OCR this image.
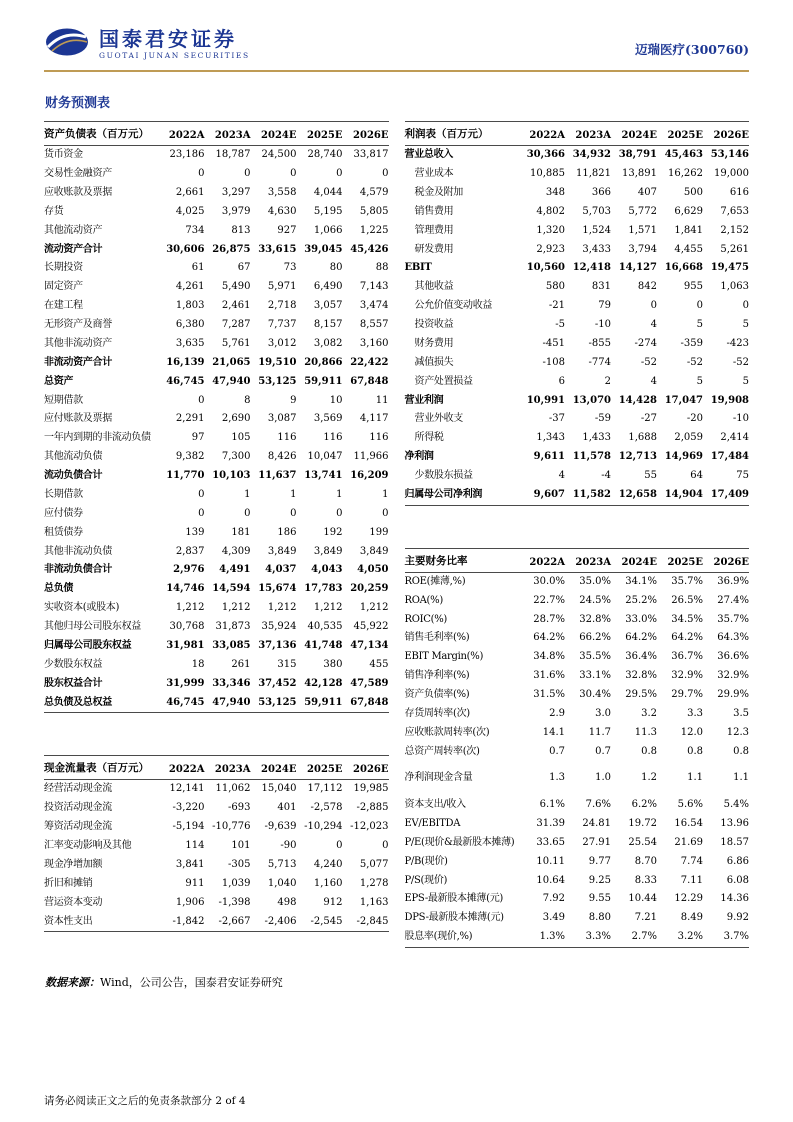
国泰君安证券
GUOTAI JUNAN SECURITIES	迈瑞医疗(300760)
财务预测表
资产负债表（百万元）	2022A	2023A	2024E	2025E	2026E
货币资金	23,186	18,787	24,500	28,740	33,817
交易性金融资产	0	0	0	0	0
应收账款及票据	2,661	3,297	3,558	4,044	4,579
存货	4,025	3,979	4,630	5,195	5,805
其他流动资产	734	813	927	1,066	1,225
流动资产合计	30,606	26,875	33,615	39,045	45,426
长期投资	61	67	73	80	88
固定资产	4,261	5,490	5,971	6,490	7,143
在建工程	1,803	2,461	2,718	3,057	3,474
无形资产及商誉	6,380	7,287	7,737	8,157	8,557
其他非流动资产	3,635	5,761	3,012	3,082	3,160
非流动资产合计	16,139	21,065	19,510	20,866	22,422
总资产	46,745	47,940	53,125	59,911	67,848
短期借款	0	8	9	10	11
应付账款及票据	2,291	2,690	3,087	3,569	4,117
一年内到期的非流动负债	97	105	116	116	116
其他流动负债	9,382	7,300	8,426	10,047	11,966
流动负债合计	11,770	10,103	11,637	13,741	16,209
长期借款	0	1	1	1	1
应付债券	0	0	0	0	0
租赁债券	139	181	186	192	199
其他非流动负债	2,837	4,309	3,849	3,849	3,849
非流动负债合计	2,976	4,491	4,037	4,043	4,050
总负债	14,746	14,594	15,674	17,783	20,259
实收资本(或股本)	1,212	1,212	1,212	1,212	1,212
其他归母公司股东权益	30,768	31,873	35,924	40,535	45,922
归属母公司股东权益	31,981	33,085	37,136	41,748	47,134
少数股东权益	18	261	315	380	455
股东权益合计	31,999	33,346	37,452	42,128	47,589
总负债及总权益	46,745	47,940	53,125	59,911	67,848
现金流量表（百万元）	2022A	2023A	2024E	2025E	2026E
经营活动现金流	12,141	11,062	15,040	17,112	19,985
投资活动现金流	-3,220	-693	401	-2,578	-2,885
筹资活动现金流	-5,194	-10,776	-9,639	-10,294	-12,023
汇率变动影响及其他	114	101	-90	0	0
现金净增加额	3,841	-305	5,713	4,240	5,077
折旧和摊销	911	1,039	1,040	1,160	1,278
营运资本变动	1,906	-1,398	498	912	1,163
资本性支出	-1,842	-2,667	-2,406	-2,545	-2,845
利润表（百万元）	2022A	2023A	2024E	2025E	2026E
营业总收入	30,366	34,932	38,791	45,463	53,146
营业成本	10,885	11,821	13,891	16,262	19,000
税金及附加	348	366	407	500	616
销售费用	4,802	5,703	5,772	6,629	7,653
管理费用	1,320	1,524	1,571	1,841	2,152
研发费用	2,923	3,433	3,794	4,455	5,261
EBIT	10,560	12,418	14,127	16,668	19,475
其他收益	580	831	842	955	1,063
公允价值变动收益	-21	79	0	0	0
投资收益	-5	-10	4	5	5
财务费用	-451	-855	-274	-359	-423
减值损失	-108	-774	-52	-52	-52
资产处置损益	6	2	4	5	5
营业利润	10,991	13,070	14,428	17,047	19,908
营业外收支	-37	-59	-27	-20	-10
所得税	1,343	1,433	1,688	2,059	2,414
净利润	9,611	11,578	12,713	14,969	17,484
少数股东损益	4	-4	55	64	75
归属母公司净利润	9,607	11,582	12,658	14,904	17,409
主要财务比率	2022A	2023A	2024E	2025E	2026E
ROE(摊薄,%)	30.0%	35.0%	34.1%	35.7%	36.9%
ROA(%)	22.7%	24.5%	25.2%	26.5%	27.4%
ROIC(%)	28.7%	32.8%	33.0%	34.5%	35.7%
销售毛利率(%)	64.2%	66.2%	64.2%	64.2%	64.3%
EBIT Margin(%)	34.8%	35.5%	36.4%	36.7%	36.6%
销售净利率(%)	31.6%	33.1%	32.8%	32.9%	32.9%
资产负债率(%)	31.5%	30.4%	29.5%	29.7%	29.9%
存货周转率(次)	2.9	3.0	3.2	3.3	3.5
应收账款周转率(次)	14.1	11.7	11.3	12.0	12.3
总资产周转率(次)	0.7	0.7	0.8	0.8	0.8
净利润现金含量	1.3	1.0	1.2	1.1	1.1
资本支出/收入	6.1%	7.6%	6.2%	5.6%	5.4%
EV/EBITDA	31.39	24.81	19.72	16.54	13.96
P/E(现价&最新股本摊薄)	33.65	27.91	25.54	21.69	18.57
P/B(现价)	10.11	9.77	8.70	7.74	6.86
P/S(现价)	10.64	9.25	8.33	7.11	6.08
EPS-最新股本摊薄(元)	7.92	9.55	10.44	12.29	14.36
DPS-最新股本摊薄(元)	3.49	8.80	7.21	8.49	9.92
股息率(现价,%)	1.3%	3.3%	2.7%	3.2%	3.7%

数据来源：Wind，公司公告，国泰君安证券研究

请务必阅读正文之后的免责条款部分 2 of 4
